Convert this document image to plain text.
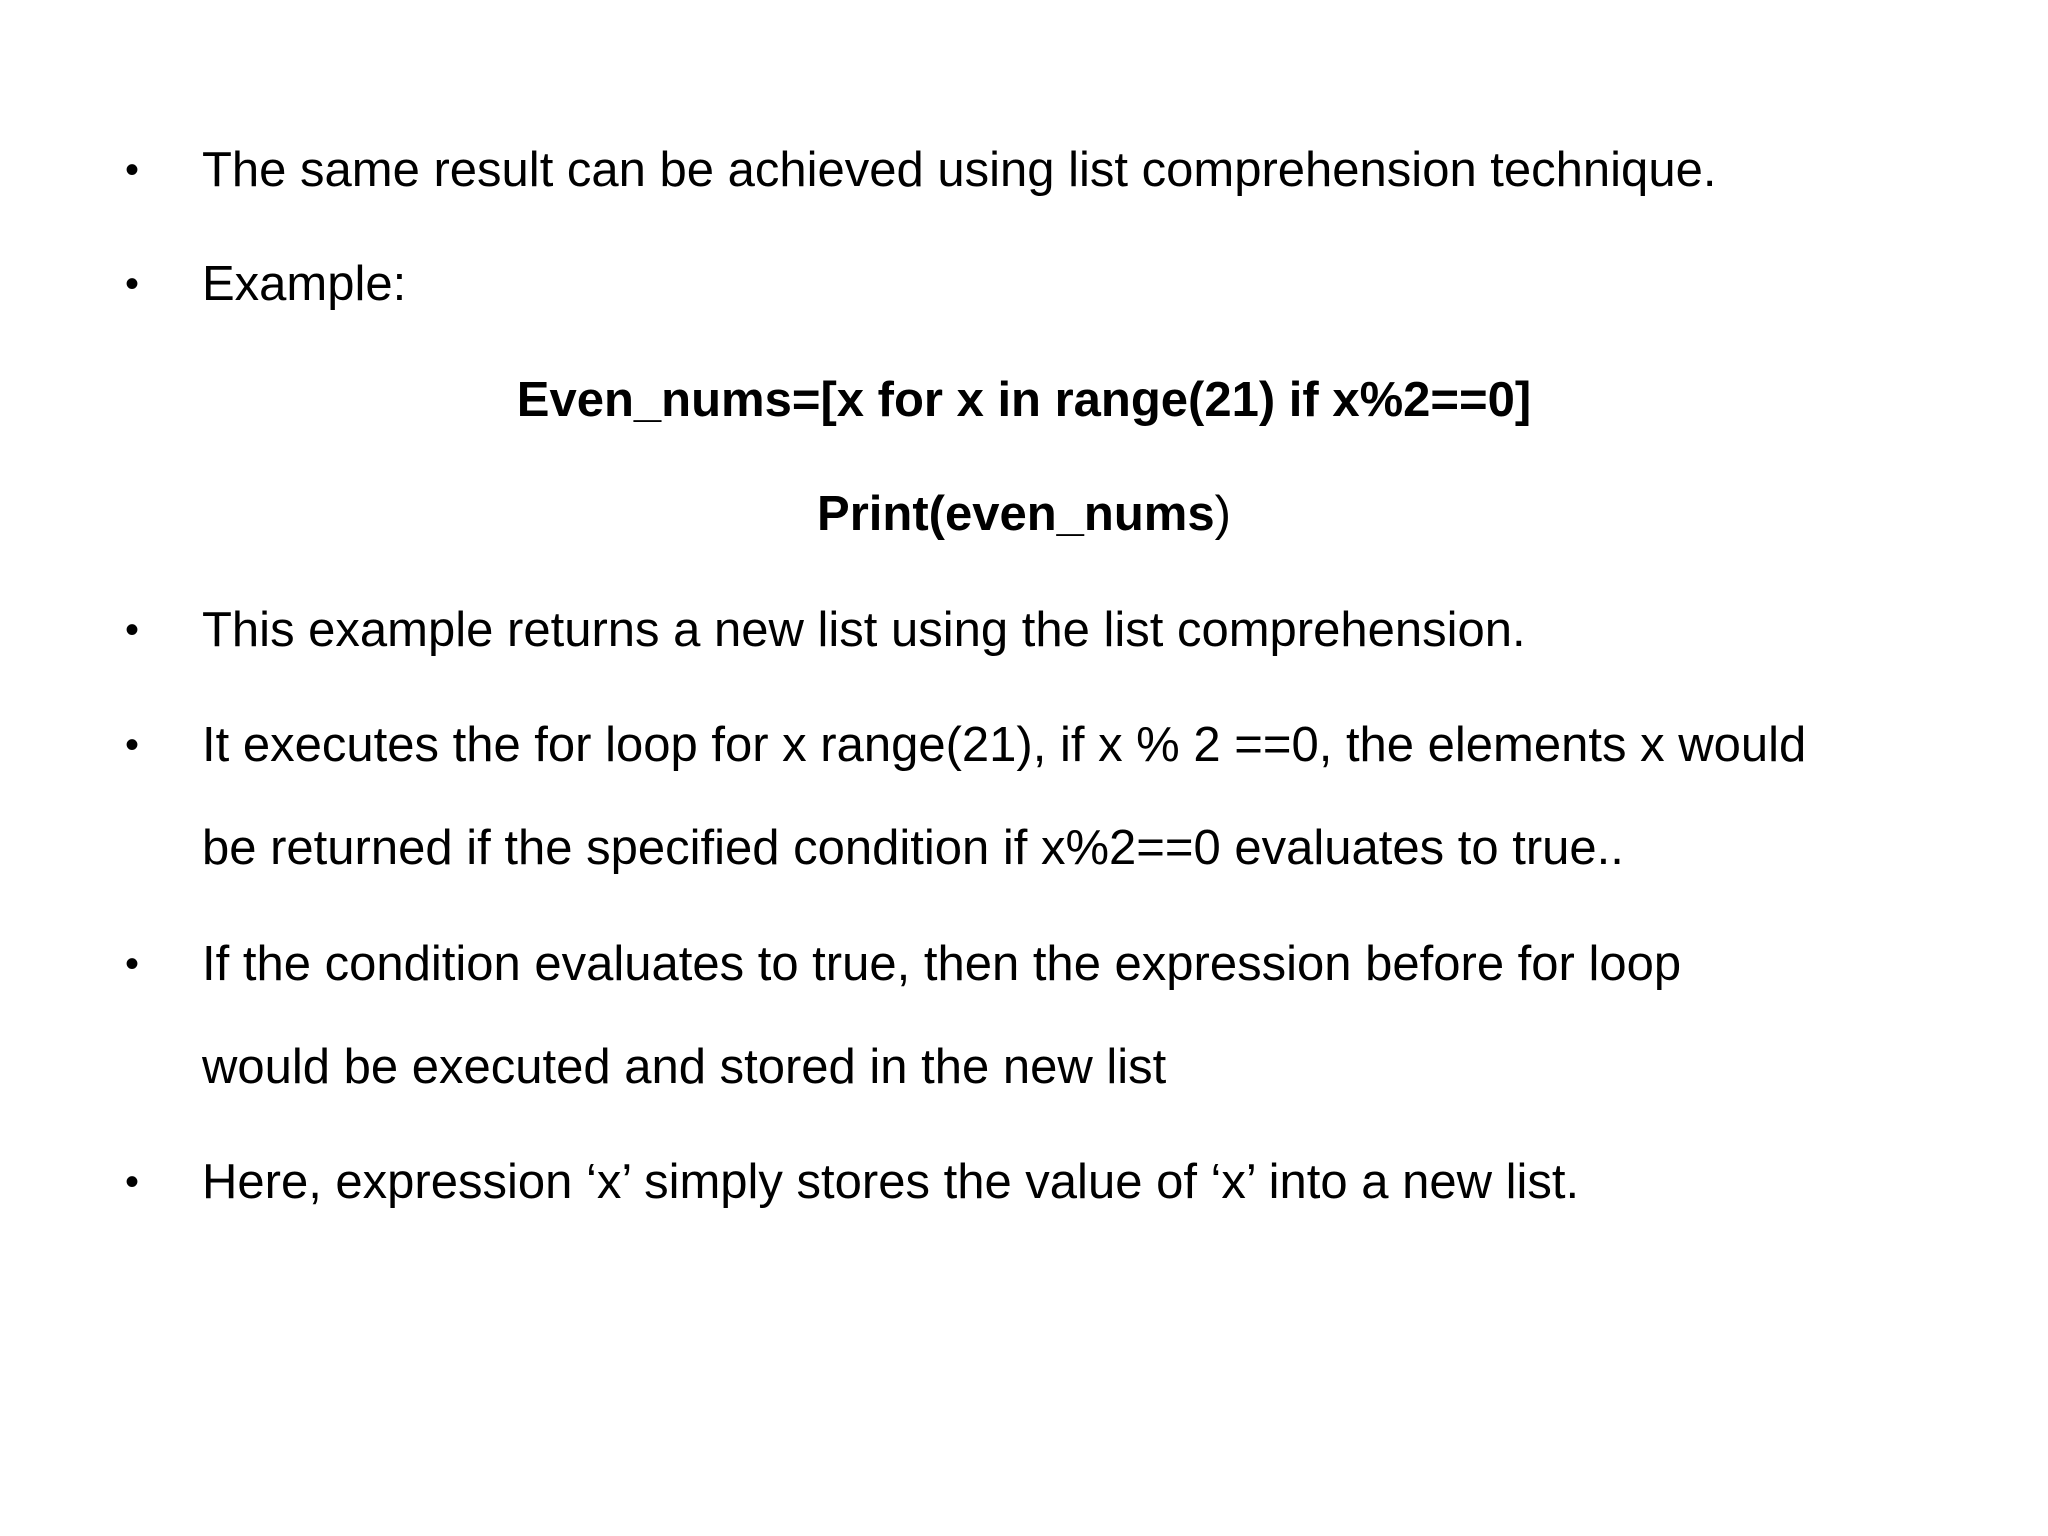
• The same result can be achieved using list comprehension technique.
• Example:
Even_nums=[x for x in range(21) if x%2==0]
Print(even_nums)
• This example returns a new list using the list comprehension.
• It executes the for loop for x range(21), if x % 2 ==0, the elements x would
be returned if the specified condition if x%2==0 evaluates to true..
• If the condition evaluates to true, then the expression before for loop
would be executed and stored in the new list
• Here, expression ‘x’ simply stores the value of ‘x’ into a new list.
